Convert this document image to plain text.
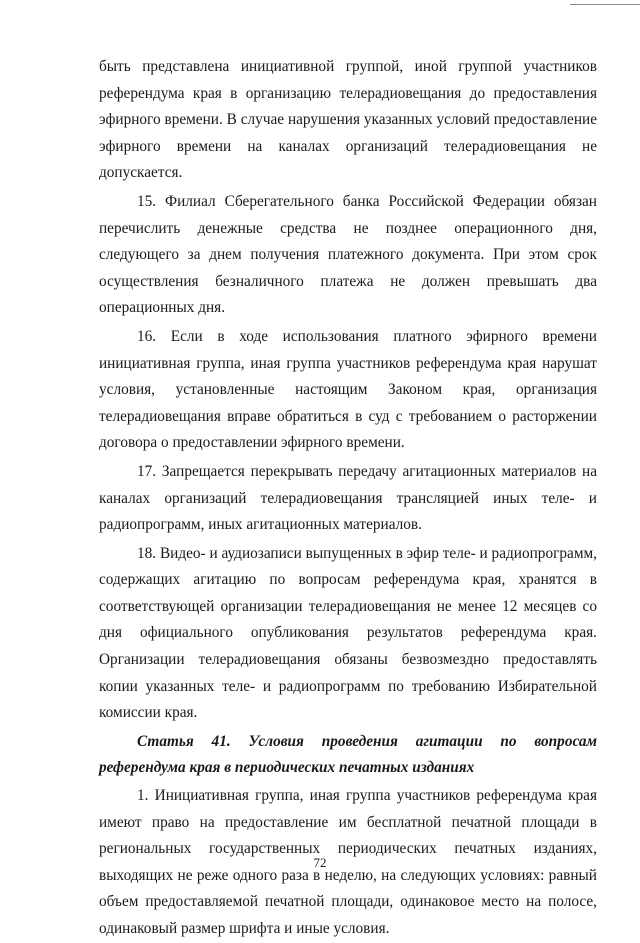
быть представлена инициативной группой, иной группой участников референдума края в организацию телерадиовещания до предоставления эфирного времени. В случае нарушения указанных условий предоставление эфирного времени на каналах организаций телерадиовещания не допускается.

15. Филиал Сберегательного банка Российской Федерации обязан перечислить денежные средства не позднее операционного дня, следующего за днем получения платежного документа. При этом срок осуществления безналичного платежа не должен превышать два операционных дня.

16. Если в ходе использования платного эфирного времени инициативная группа, иная группа участников референдума края нарушат условия, установленные настоящим Законом края, организация телерадиовещания вправе обратиться в суд с требованием о расторжении договора о предоставлении эфирного времени.

17. Запрещается перекрывать передачу агитационных материалов на каналах организаций телерадиовещания трансляцией иных теле- и радиопрограмм, иных агитационных материалов.

18. Видео- и аудиозаписи выпущенных в эфир теле- и радиопрограмм, содержащих агитацию по вопросам референдума края, хранятся в соответствующей организации телерадиовещания не менее 12 месяцев со дня официального опубликования результатов референдума края. Организации телерадиовещания обязаны безвозмездно предоставлять копии указанных теле- и радиопрограмм по требованию Избирательной комиссии края.

Статья 41. Условия проведения агитации по вопросам референдума края в периодических печатных изданиях

1. Инициативная группа, иная группа участников референдума края имеют право на предоставление им бесплатной печатной площади в региональных государственных периодических печатных изданиях, выходящих не реже одного раза в неделю, на следующих условиях: равный объем предоставляемой печатной площади, одинаковое место на полосе, одинаковый размер шрифта и иные условия.

72
